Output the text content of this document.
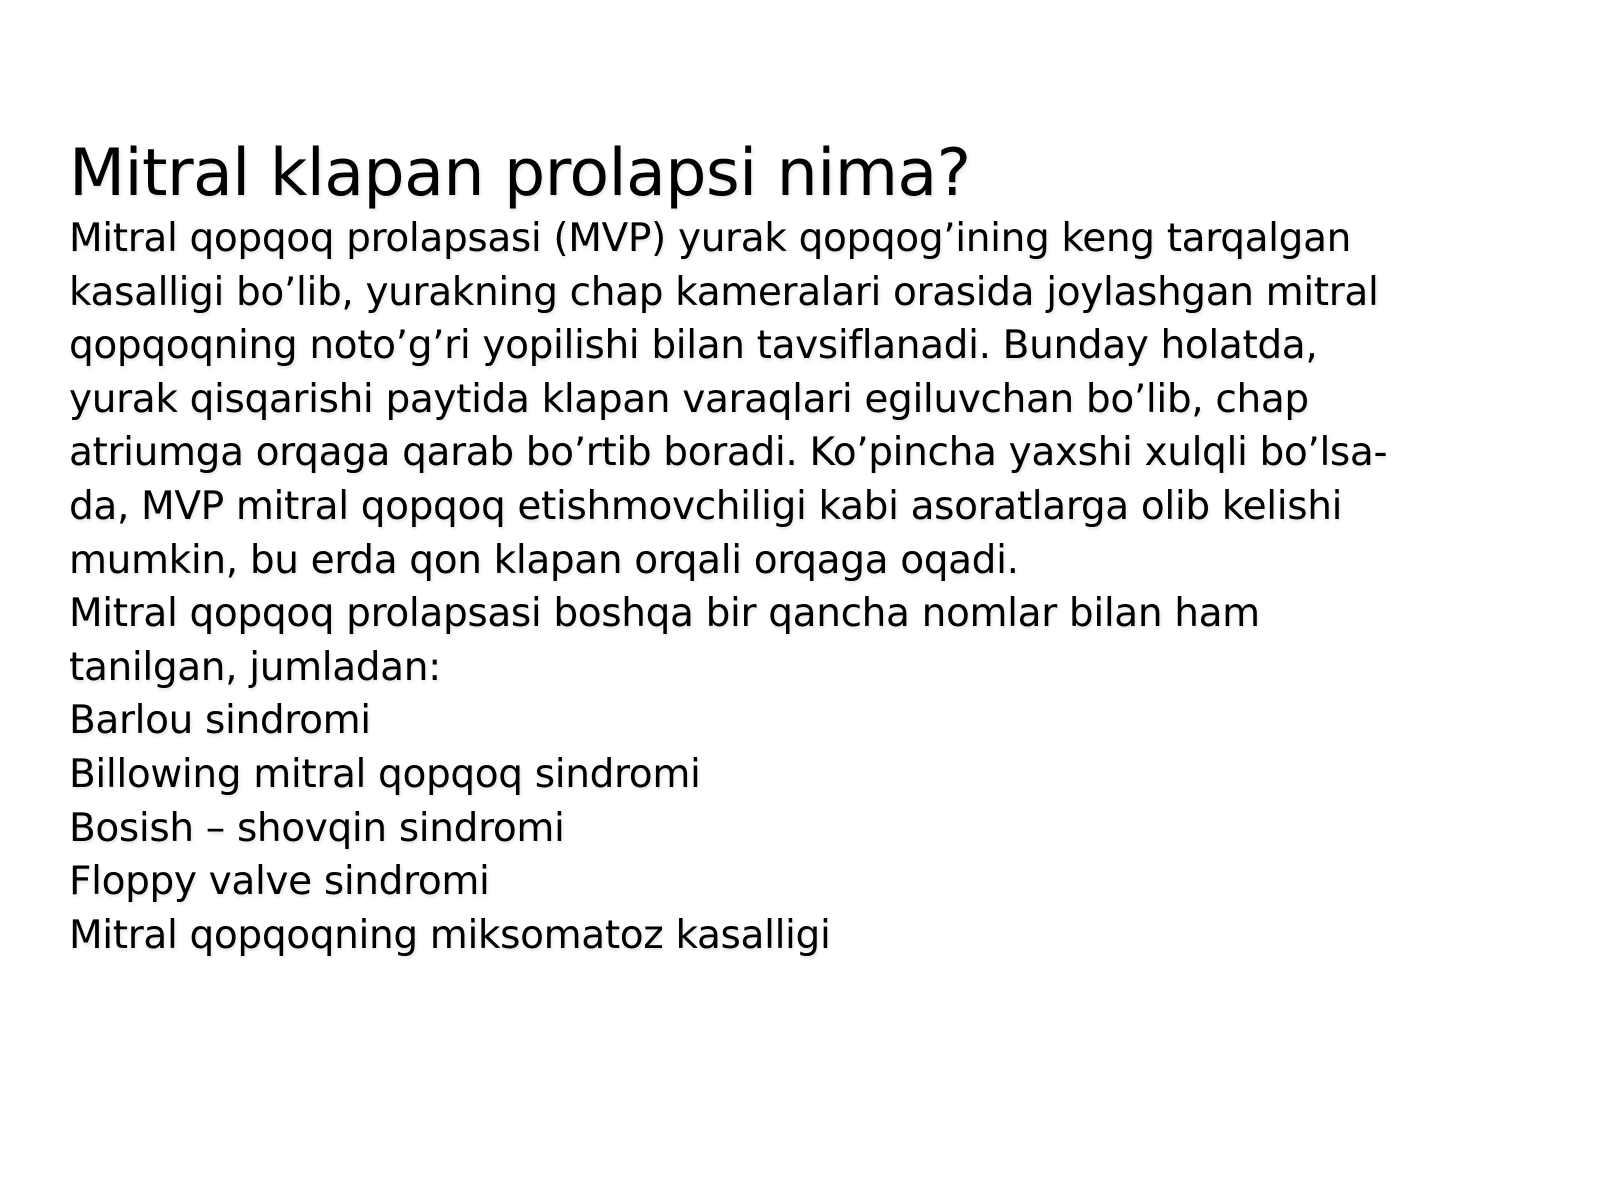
Mitral klapan prolapsi nima?
Mitral qopqoq prolapsasi (MVP) yurak qopqog’ining keng tarqalgan
kasalligi bo’lib, yurakning chap kameralari orasida joylashgan mitral
qopqoqning noto’g’ri yopilishi bilan tavsiflanadi. Bunday holatda,
yurak qisqarishi paytida klapan varaqlari egiluvchan bo’lib, chap
atriumga orqaga qarab bo’rtib boradi. Ko’pincha yaxshi xulqli bo’lsa-
da, MVP mitral qopqoq etishmovchiligi kabi asoratlarga olib kelishi
mumkin, bu erda qon klapan orqali orqaga oqadi.
Mitral qopqoq prolapsasi boshqa bir qancha nomlar bilan ham
tanilgan, jumladan:
Barlou sindromi
Billowing mitral qopqoq sindromi
Bosish – shovqin sindromi
Floppy valve sindromi
Mitral qopqoqning miksomatoz kasalligi
